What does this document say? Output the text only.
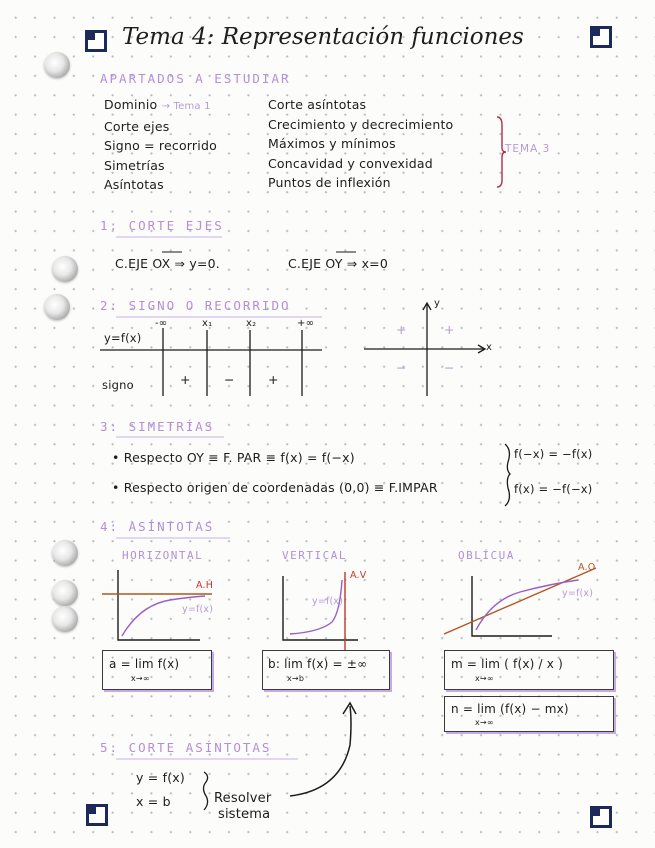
Tema 4: Representación funciones
APARTADOS A ESTUDIAR
Dominio → Tema 1
Corte ejes
Signo = recorrido
Simetrías
Asíntotas
Corte asíntotas
Crecimiento y decrecimiento
Máximos y mínimos
Concavidad y convexidad
Puntos de inflexión
TEMA 3
1: CORTE EJES
C.EJE OX ⇒ y=0.	C.EJE OY ⇒ x=0
2: SIGNO O RECORRIDO
y=f(x)
signo
-∞	x₁	x₂	+∞
+	−	+
y
x
+	+
−	−
3: SIMETRÍAS
• Respecto OY ≡ F. PAR ≡ f(x) = f(−x)
• Respecto origen de coordenadas (0,0) ≡ F.IMPAR
f(−x) = −f(x)
f(x) = −f(−x)
4: ASÍNTOTAS
HORIZONTAL	VERTICAL	OBLÍCUA
A.H
y=f(x)
A.V
y=f(x)
A.O
y=f(x)
a = lim f(x)
x→∞
b: lim f(x) = ±∞
x→b
m = lim ( f(x) / x )
x→∞
n = lim (f(x) − mx)
x→∞
5: CORTE ASÍNTOTAS
y = f(x)
x = b	Resolver
sistema
